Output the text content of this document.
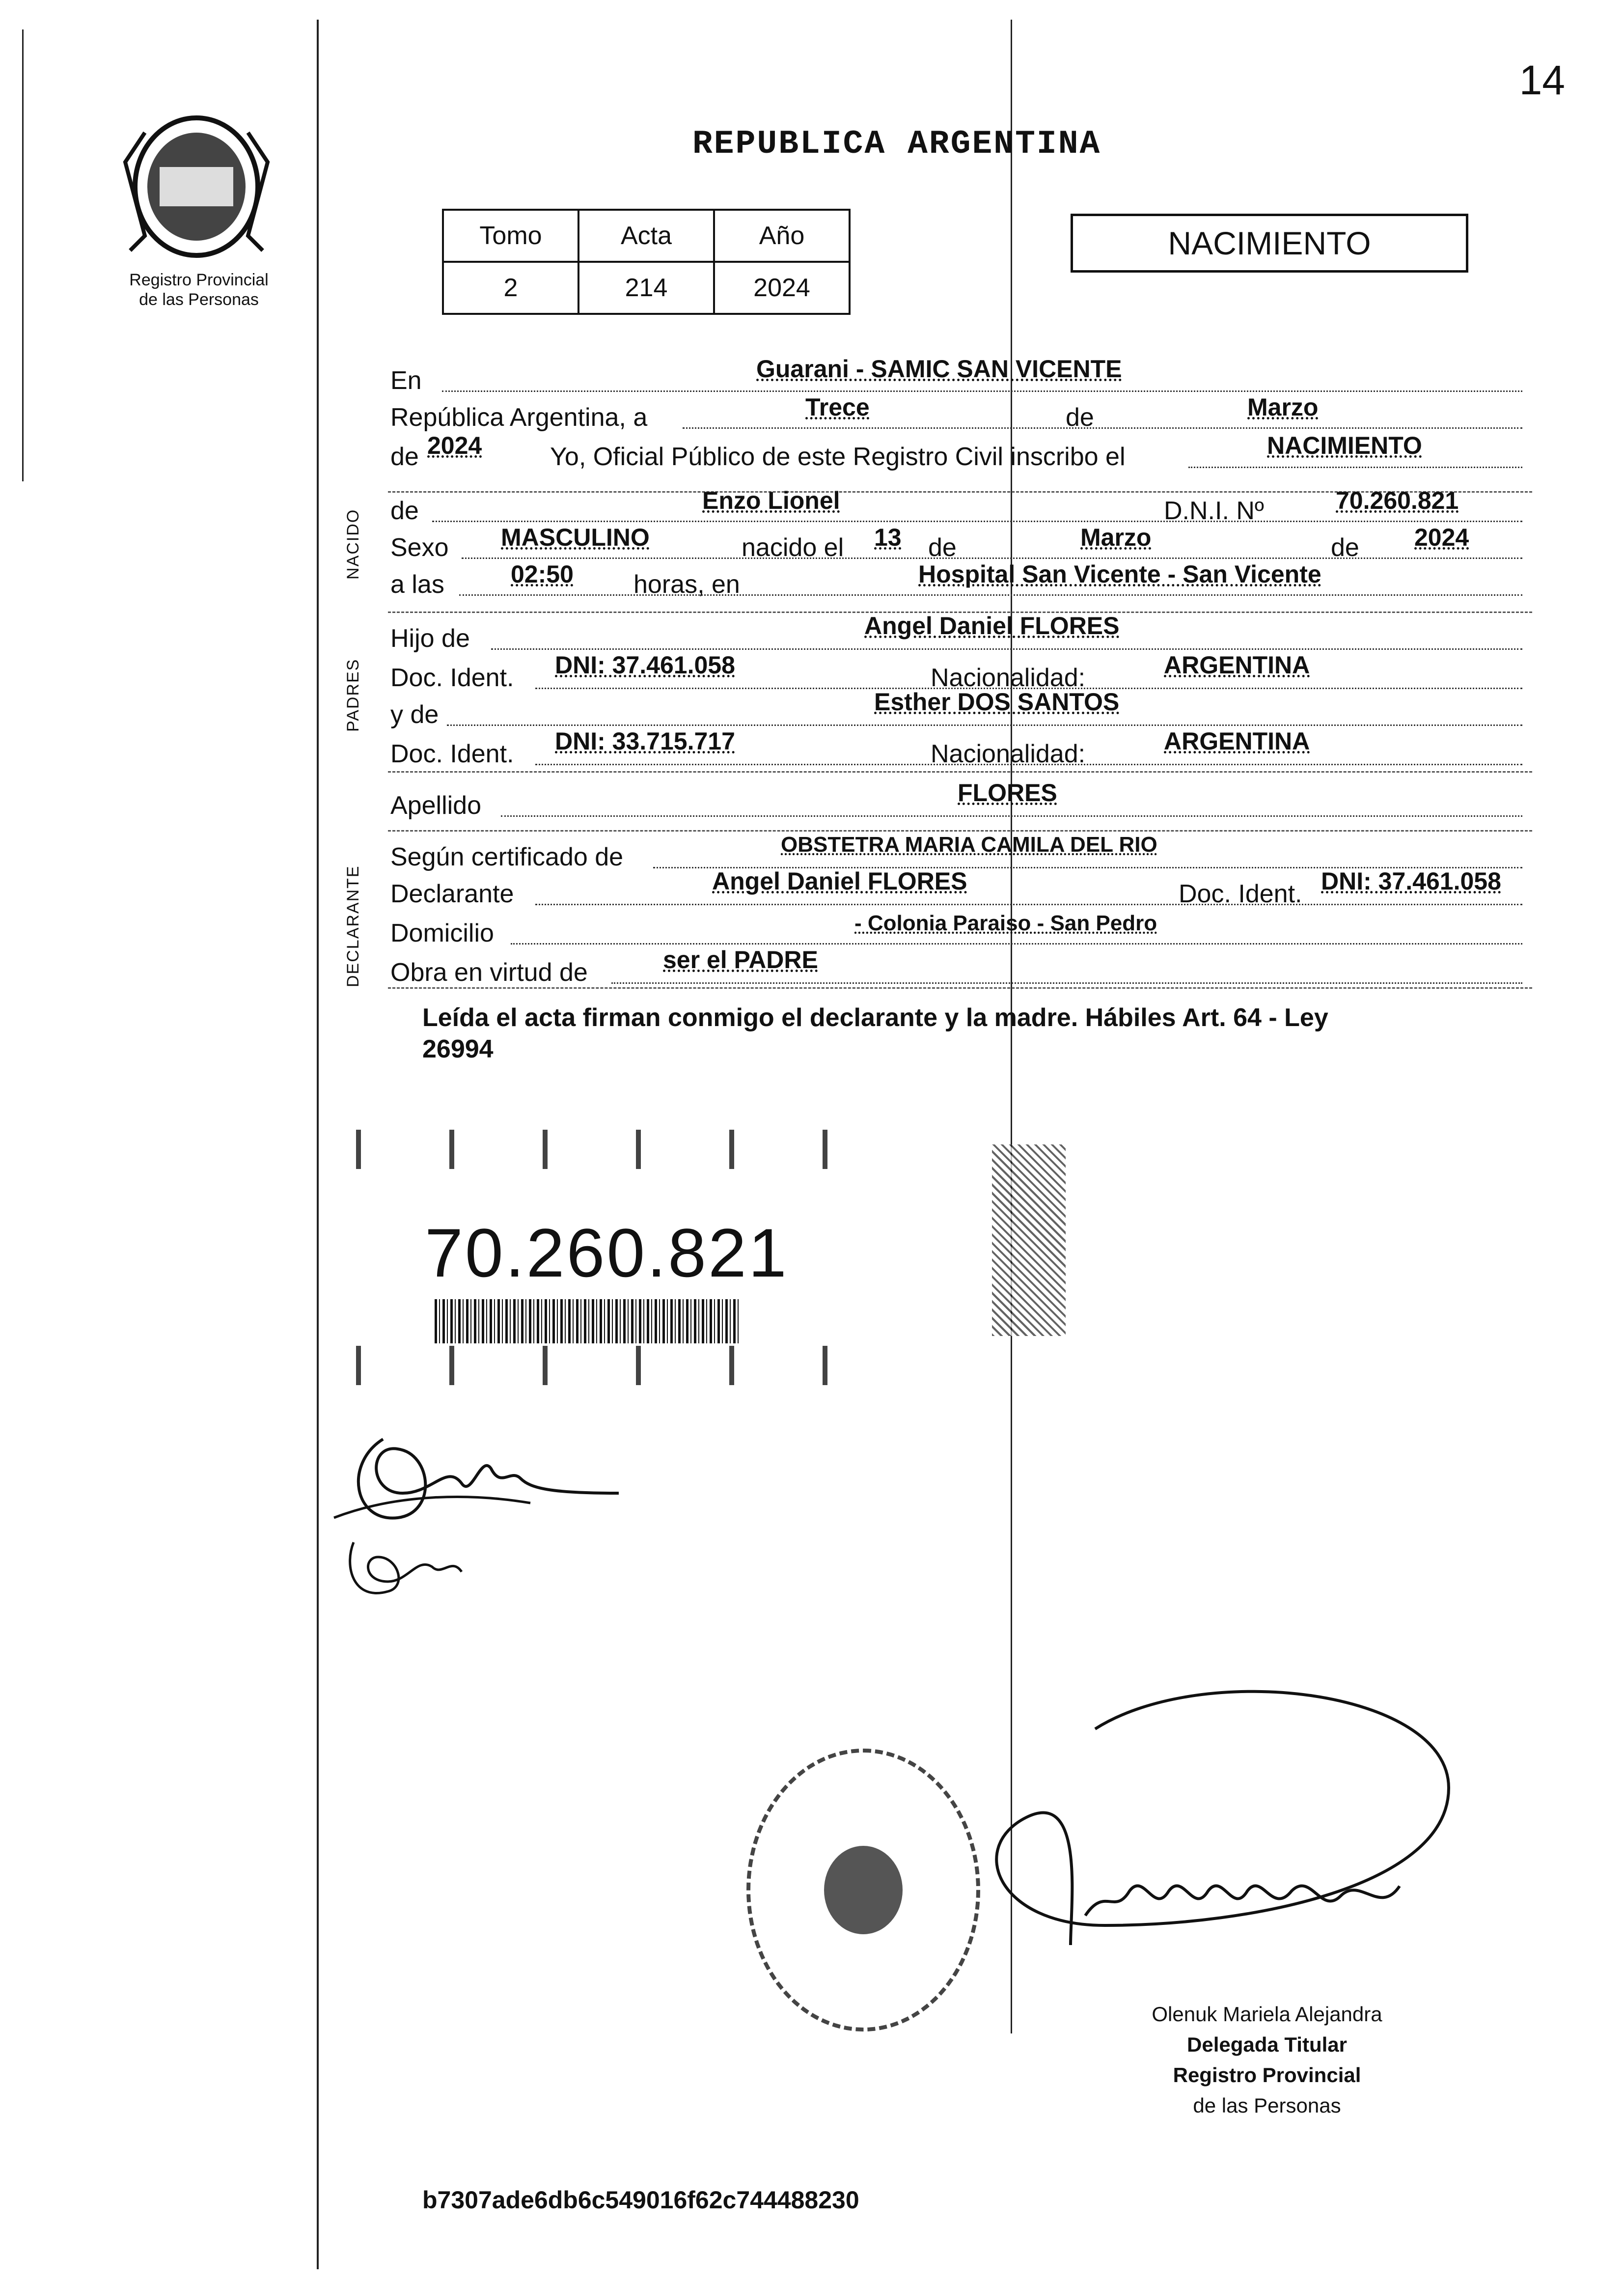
14
Registro Provincial
de las Personas
REPUBLICA ARGENTINA
Tomo	Acta	Año
2	214	2024
NACIMIENTO
NACIDO
PADRES
DECLARANTE
En	Guarani - SAMIC SAN VICENTE
República Argentina, a	Trece	de	Marzo
de 2024	Yo, Oficial Público de este Registro Civil inscribo el	NACIMIENTO
de	Enzo Lionel	D.N.I. Nº	70.260.821
Sexo MASCULINO	nacido el 13 de	Marzo	de 2024
a las	02:50 horas, en	Hospital San Vicente - San Vicente
Hijo de	Angel Daniel FLORES
Doc. Ident. DNI: 37.461.058	Nacionalidad:	ARGENTINA
y de	Esther DOS SANTOS
Doc. Ident. DNI: 33.715.717	Nacionalidad:	ARGENTINA
Apellido	FLORES
Según certificado de	OBSTETRA MARIA CAMILA DEL RIO
Declarante	Angel Daniel FLORES	Doc. Ident. DNI: 37.461.058
Domicilio	- Colonia Paraiso - San Pedro
Obra en virtud de	ser el PADRE
Leída el acta firman conmigo el declarante y la madre. Hábiles Art. 64 - Ley
26994
70.260.821
Olenuk Mariela Alejandra
Delegada Titular
Registro Provincial
de las Personas
b7307ade6db6c549016f62c744488230
